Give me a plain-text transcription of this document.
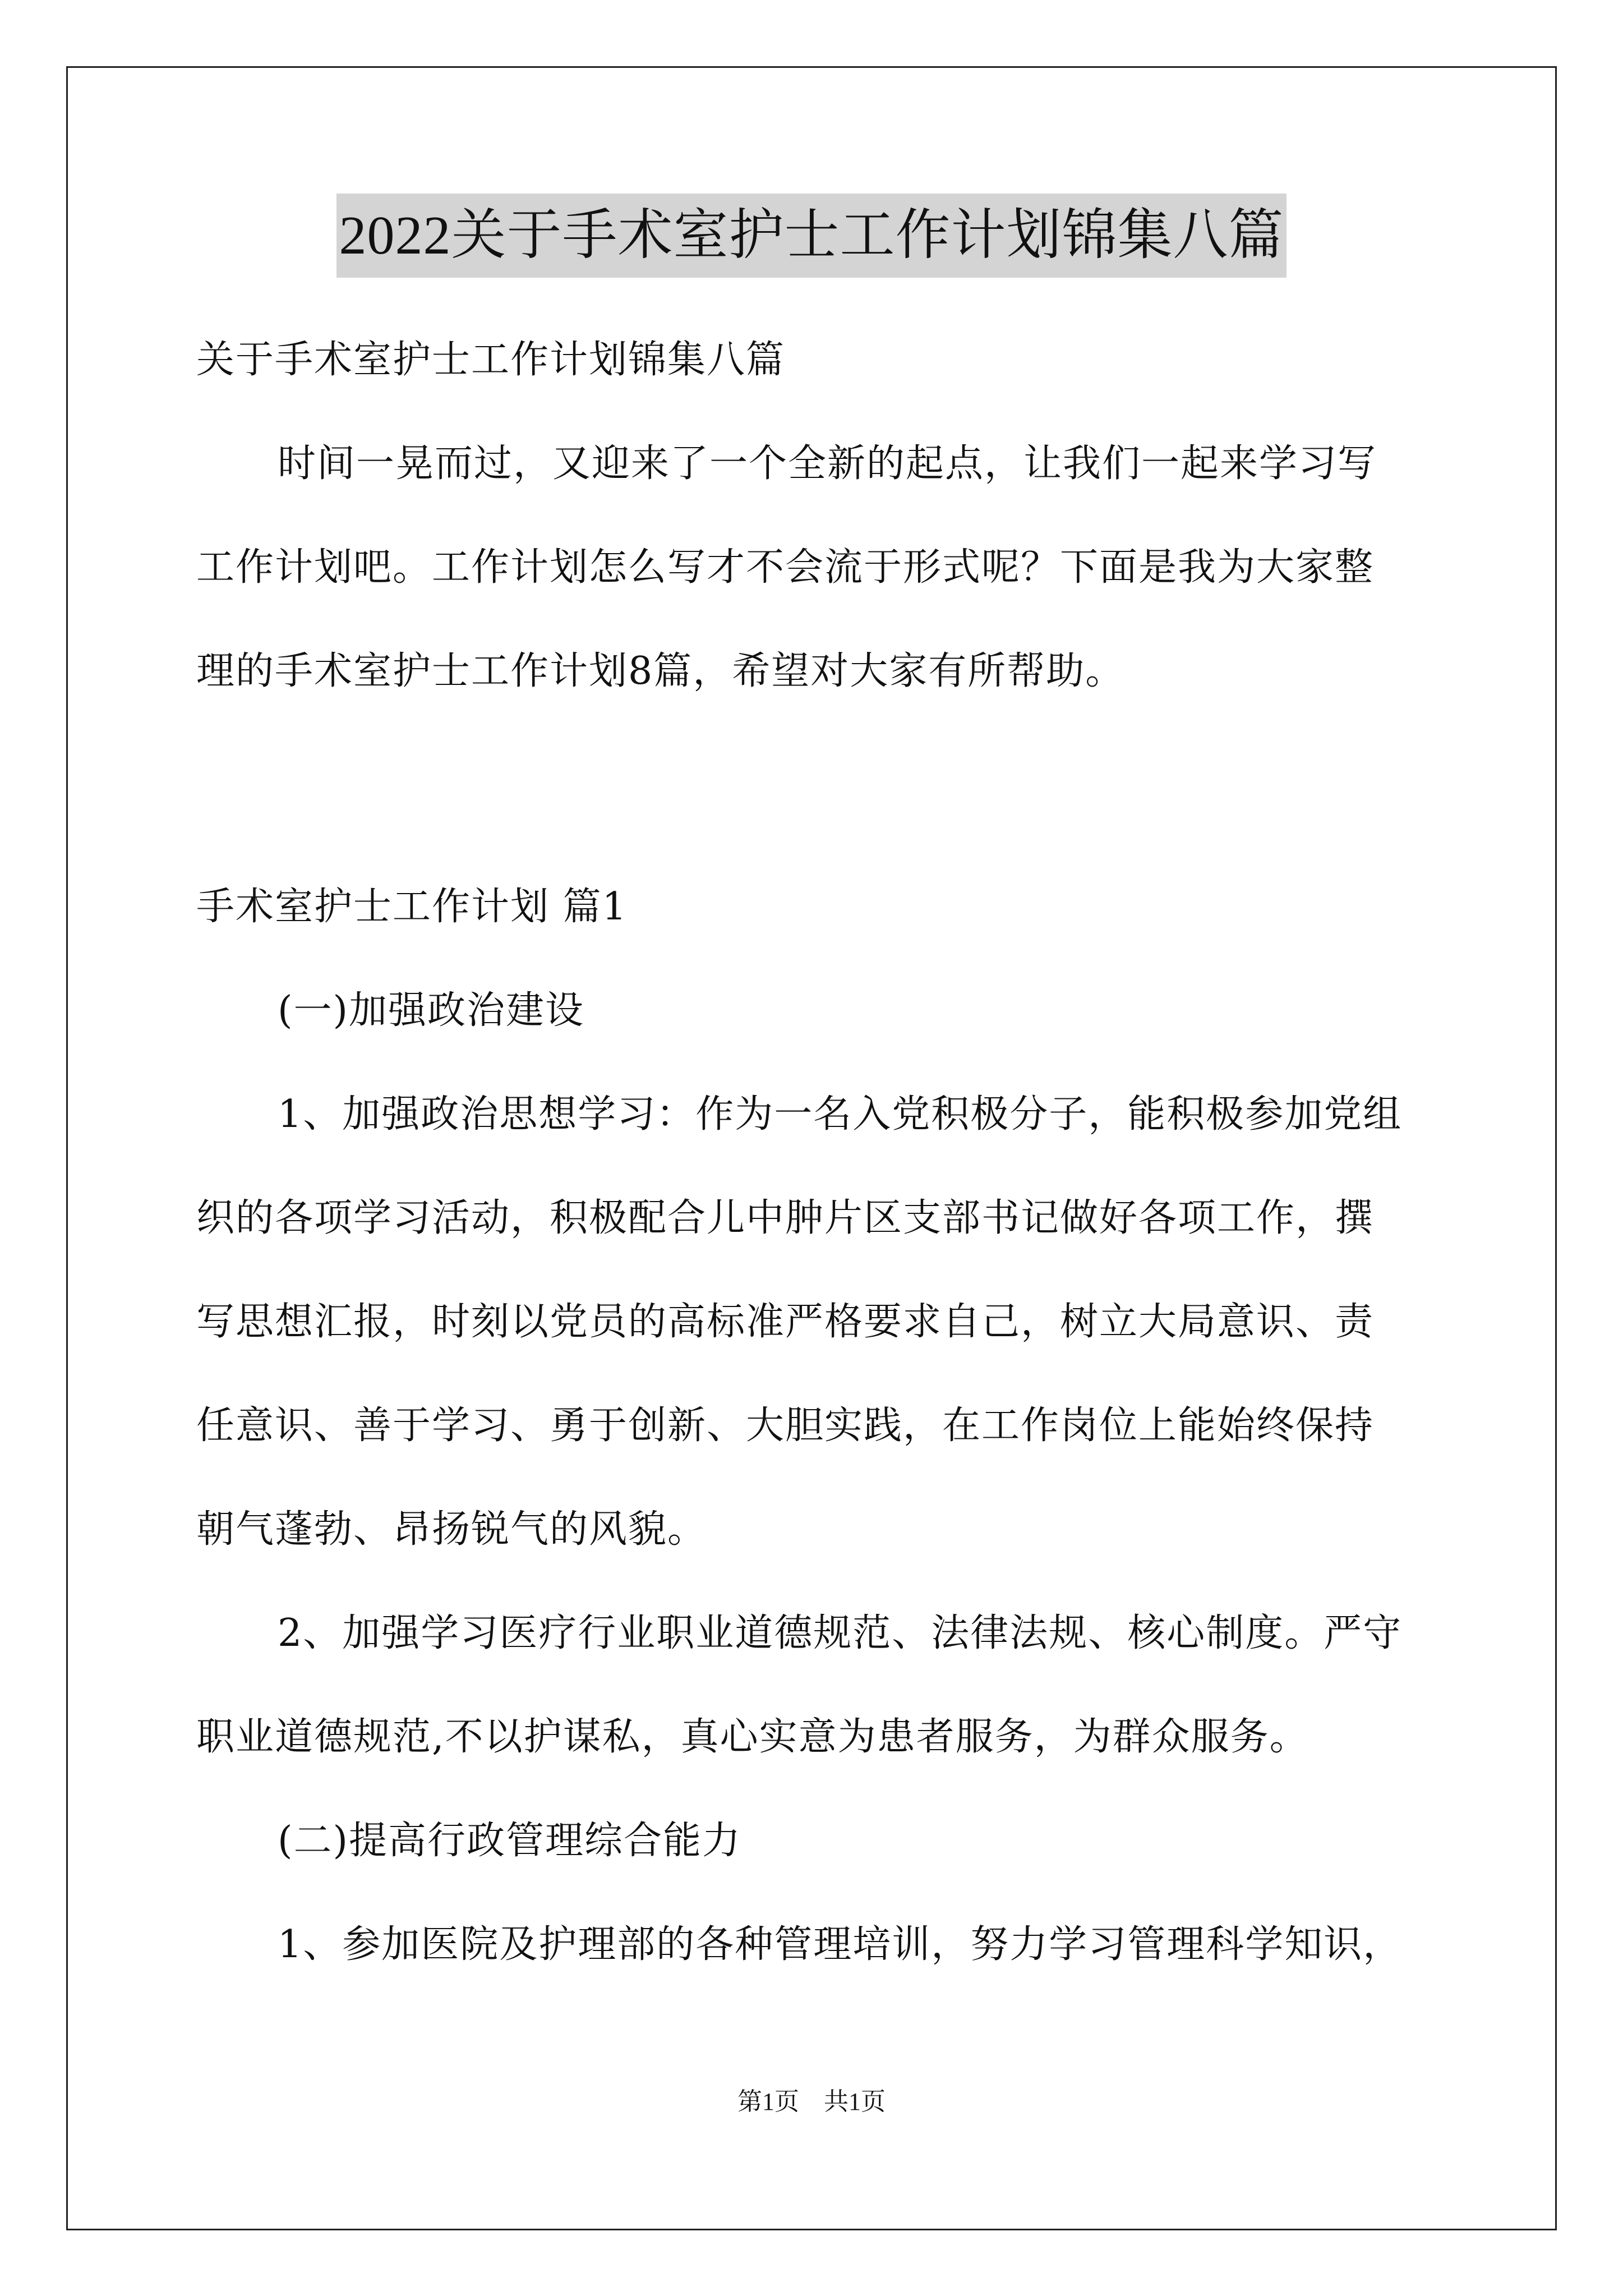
2022关于手术室护士工作计划锦集八篇
关于手术室护士工作计划锦集八篇
时间一晃而过，又迎来了一个全新的起点，让我们一起来学习写
工作计划吧。工作计划怎么写才不会流于形式呢？下面是我为大家整
理的手术室护士工作计划8篇，希望对大家有所帮助。
手术室护士工作计划 篇1
(一)加强政治建设
1、加强政治思想学习：作为一名入党积极分子，能积极参加党组
织的各项学习活动，积极配合儿中肿片区支部书记做好各项工作，撰
写思想汇报，时刻以党员的高标准严格要求自己，树立大局意识、责
任意识、善于学习、勇于创新、大胆实践，在工作岗位上能始终保持
朝气蓬勃、昂扬锐气的风貌。
2、加强学习医疗行业职业道德规范、法律法规、核心制度。严守
职业道德规范,不以护谋私，真心实意为患者服务，为群众服务。
(二)提高行政管理综合能力
1、参加医院及护理部的各种管理培训，努力学习管理科学知识，
第1页　共1页
